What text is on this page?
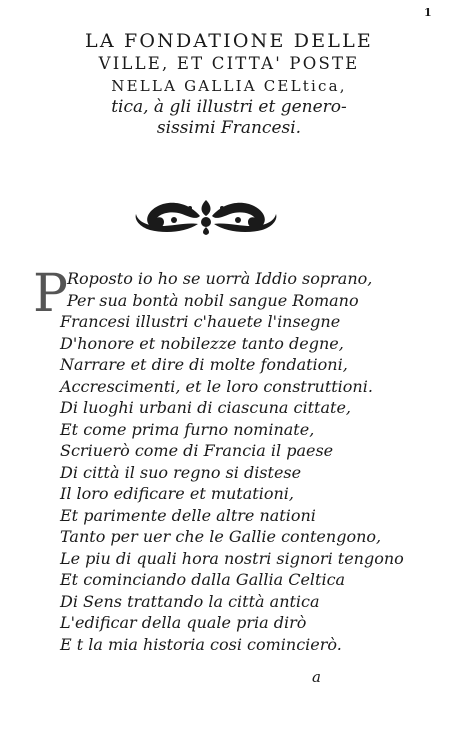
1
LA FONDATIONE DELLE
VILLE, ET CITTA' POSTE
NELLA GALLIA CELtica,
tica, à gli illustri et genero-
sissimi Francesi.
P Roposto io ho se uorrà Iddio soprano,
Per sua bontà nobil sangue Romano
Francesi illustri c'hauete l'insegne
D'honore et nobilezze tanto degne,
Narrare et dire di molte fondationi,
Accrescimenti, et le loro construttioni.
Di luoghi urbani di ciascuna cittate,
Et come prima furno nominate,
Scriuerò come di Francia il paese
Di città il suo regno si distese
Il loro edificare et mutationi,
Et parimente delle altre nationi
Tanto per uer che le Gallie contengono,
Le piu di quali hora nostri signori tengono
Et cominciando dalla Gallia Celtica
Di Sens trattando la città antica
L'edificar della quale pria dirò
E t la mia historia cosi comincierò.
a
